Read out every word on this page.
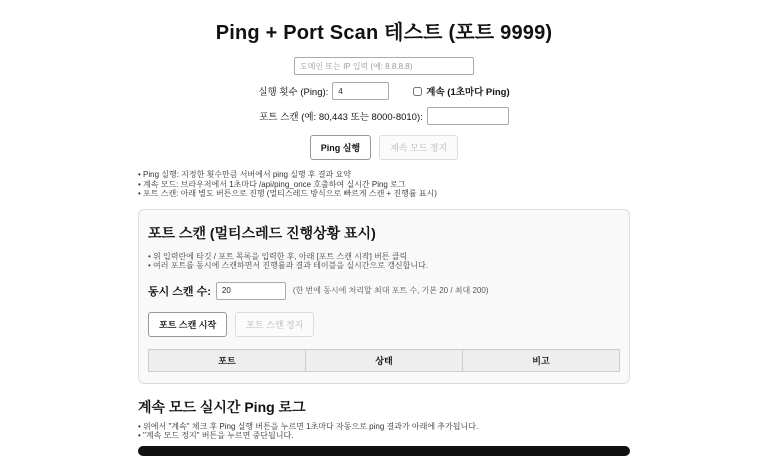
Ping + Port Scan 테스트 (포트 9999)
도메인 또는 IP 입력 (예: 8.8.8.8)
실행 횟수 (Ping):
4	계속 (1초마다 Ping)
포트 스캔 (예: 80,443 또는 8000-8010):
Ping 실행	계속 모드 정지
• Ping 실행: 지정한 횟수만큼 서버에서 ping 실행 후 결과 요약
• 계속 모드: 브라우저에서 1초마다 /api/ping_once 호출하여 실시간 Ping 로그
• 포트 스캔: 아래 별도 버튼으로 진행 (멀티스레드 방식으로 빠르게 스캔 + 진행률 표시)
포트 스캔 (멀티스레드 진행상황 표시)
• 위 입력란에 타깃 / 포트 목록을 입력한 후, 아래 [포트 스캔 시작] 버튼 클릭
• 여러 포트를 동시에 스캔하면서 진행률과 결과 테이블을 실시간으로 갱신합니다.
동시 스캔 수:
20	(한 번에 동시에 처리할 최대 포트 수, 기본 20 / 최대 200)
포트 스캔 시작	포트 스캔 정지
포트	상태	비고
계속 모드 실시간 Ping 로그
• 위에서 "계속" 체크 후 Ping 실행 버튼을 누르면 1초마다 자동으로 ping 결과가 아래에 추가됩니다.
• "계속 모드 정지" 버튼을 누르면 중단됩니다.
